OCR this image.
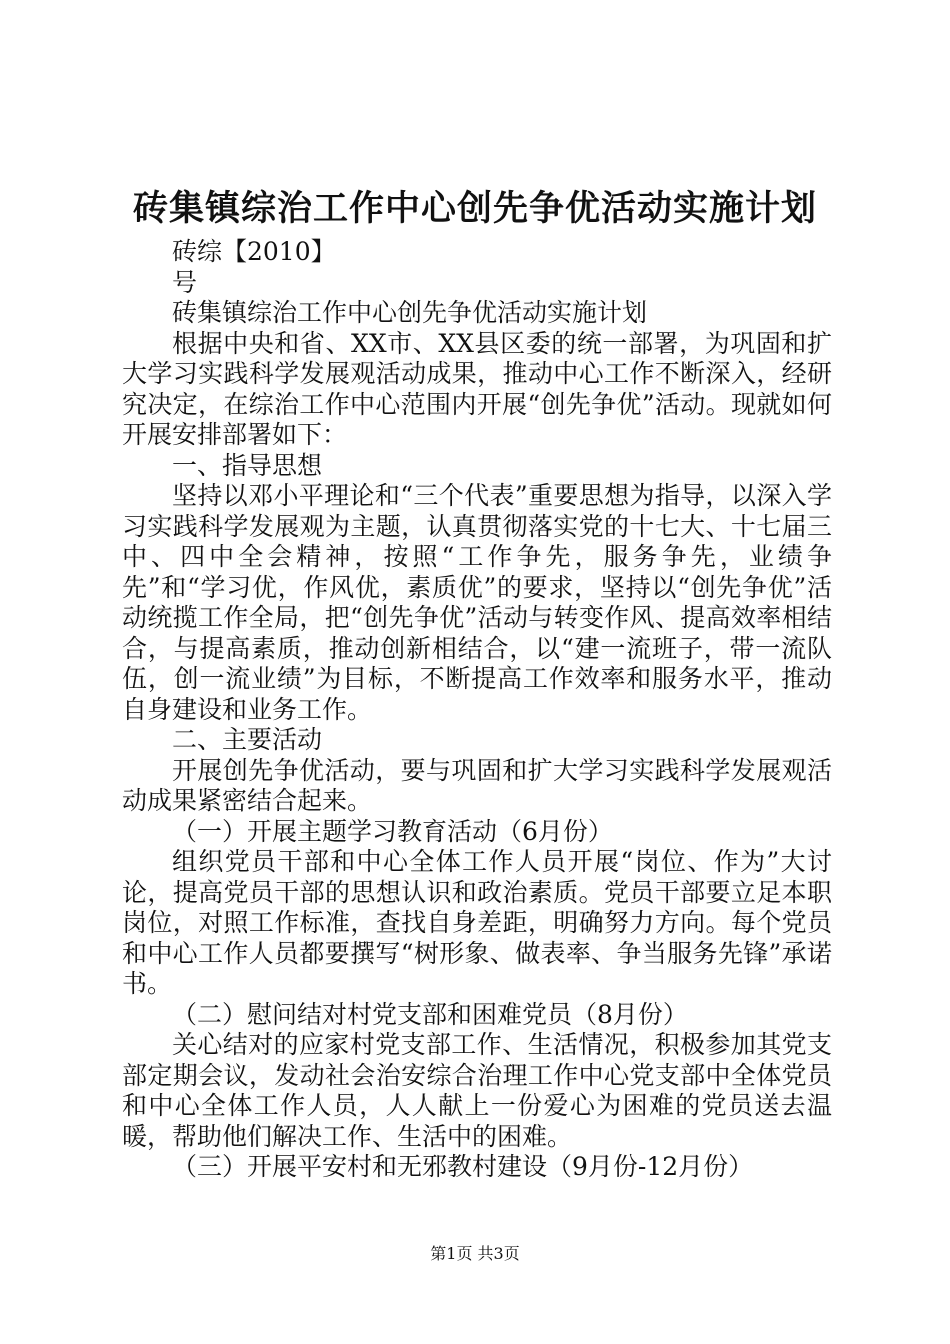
砖集镇综治工作中心创先争优活动实施计划

砖综【2010】

号

砖集镇综治工作中心创先争优活动实施计划

根据中央和省、XX市、XX县区委的统一部署，为巩固和扩大学习实践科学发展观活动成果，推动中心工作不断深入，经研究决定，在综治工作中心范围内开展“创先争优”活动。现就如何开展安排部署如下：

一、指导思想

坚持以邓小平理论和“三个代表”重要思想为指导，以深入学习实践科学发展观为主题，认真贯彻落实党的十七大、十七届三中、四中全会精神，按照“工作争先，服务争先，业绩争先”和“学习优，作风优，素质优”的要求，坚持以“创先争优”活动统揽工作全局，把“创先争优”活动与转变作风、提高效率相结合，与提高素质，推动创新相结合，以“建一流班子，带一流队伍，创一流业绩”为目标，不断提高工作效率和服务水平，推动自身建设和业务工作。

二、主要活动

开展创先争优活动，要与巩固和扩大学习实践科学发展观活动成果紧密结合起来。

（一）开展主题学习教育活动（6月份）

组织党员干部和中心全体工作人员开展“岗位、作为”大讨论，提高党员干部的思想认识和政治素质。党员干部要立足本职岗位，对照工作标准，查找自身差距，明确努力方向。每个党员和中心工作人员都要撰写“树形象、做表率、争当服务先锋”承诺书。

（二）慰问结对村党支部和困难党员（8月份）

关心结对的应家村党支部工作、生活情况，积极参加其党支部定期会议，发动社会治安综合治理工作中心党支部中全体党员和中心全体工作人员，人人献上一份爱心为困难的党员送去温暖，帮助他们解决工作、生活中的困难。

（三）开展平安村和无邪教村建设（9月份-12月份）

第1页 共3页
